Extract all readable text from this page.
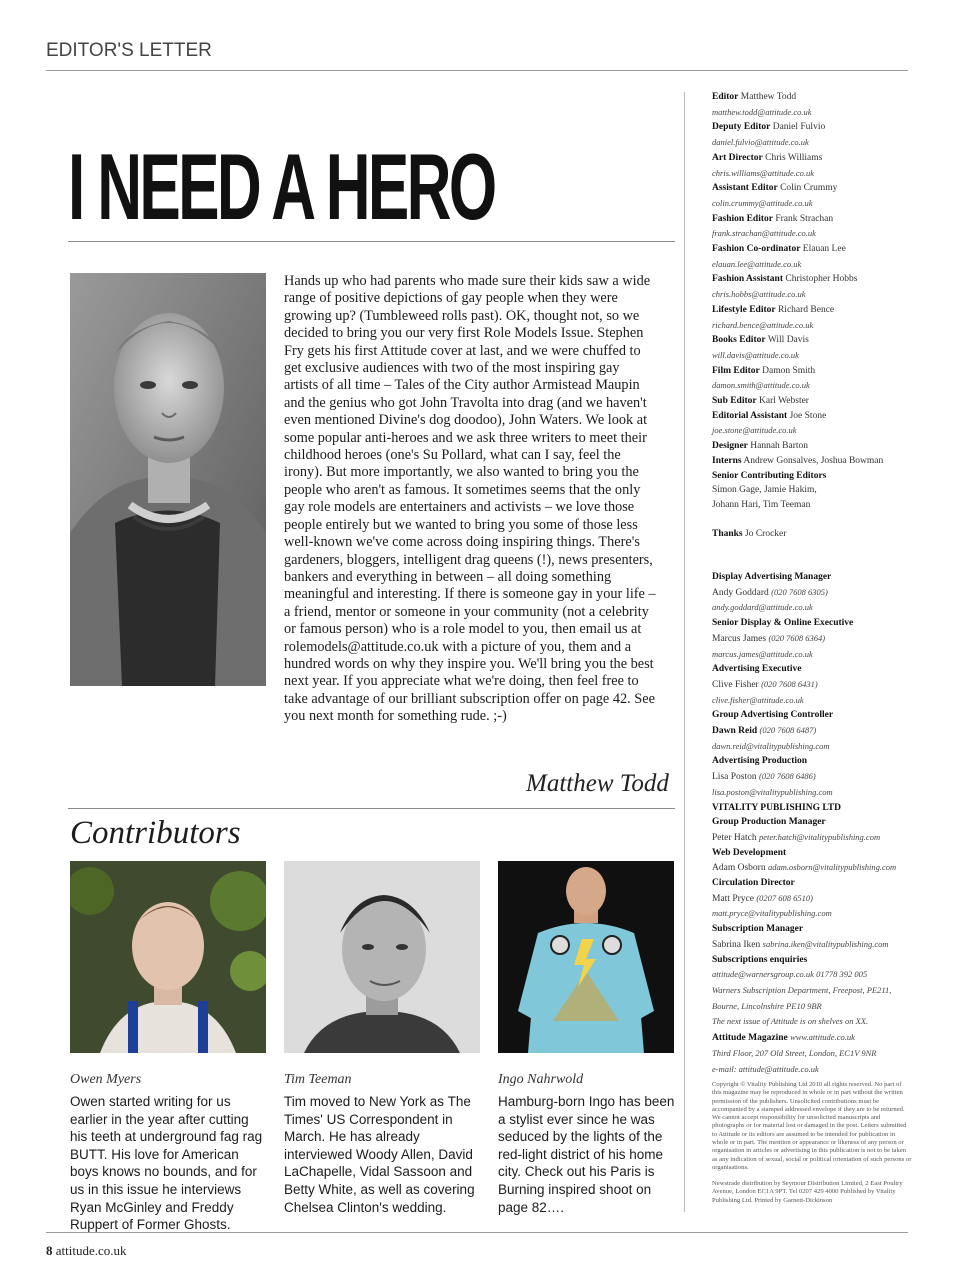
EDITOR'S LETTER
I NEED A HERO

Hands up who had parents who made sure their kids saw a wide range of positive depictions of gay people when they were growing up? (Tumbleweed rolls past). OK, thought not, so we decided to bring you our very first Role Models Issue. Stephen Fry gets his first Attitude cover at last, and we were chuffed to get exclusive audiences with two of the most inspiring gay artists of all time – Tales of the City author Armistead Maupin and the genius who got John Travolta into drag (and we haven't even mentioned Divine's dog doodoo), John Waters. We look at some popular anti-heroes and we ask three writers to meet their childhood heroes (one's Su Pollard, what can I say, feel the irony). But more importantly, we also wanted to bring you the people who aren't as famous. It sometimes seems that the only gay role models are entertainers and activists – we love those people entirely but we wanted to bring you some of those less well-known we've come across doing inspiring things. There's gardeners, bloggers, intelligent drag queens (!), news presenters, bankers and everything in between – all doing something meaningful and interesting. If there is someone gay in your life – a friend, mentor or someone in your community (not a celebrity or famous person) who is a role model to you, then email us at rolemodels@attitude.co.uk with a picture of you, them and a hundred words on why they inspire you. We'll bring you the best next year. If you appreciate what we're doing, then feel free to take advantage of our brilliant subscription offer on page 42. See you next month for something rude. ;-)

Matthew Todd
Contributors
Owen Myers	Tim Teeman	Ingo Nahrwold
Owen started writing for us earlier in the year after cutting his teeth at underground fag rag BUTT. His love for American boys knows no bounds, and for us in this issue he interviews Ryan McGinley and Freddy Ruppert of Former Ghosts.
Tim moved to New York as The Times' US Correspondent in March. He has already interviewed Woody Allen, David LaChapelle, Vidal Sassoon and Betty White, as well as covering Chelsea Clinton's wedding.
Hamburg-born Ingo has been a stylist ever since he was seduced by the lights of the red-light district of his home city. Check out his Paris is Burning inspired shoot on page 82….
Editor Matthew Todd
matthew.todd@attitude.co.uk
Deputy Editor Daniel Fulvio
daniel.fulvio@attitude.co.uk
Art Director Chris Williams
chris.williams@attitude.co.uk
Assistant Editor Colin Crummy
colin.crummy@attitude.co.uk
Fashion Editor Frank Strachan
frank.strachan@attitude.co.uk
Fashion Co-ordinator Elauan Lee
elauan.lee@attitude.co.uk
Fashion Assistant Christopher Hobbs
chris.hobbs@attitude.co.uk
Lifestyle Editor Richard Bence
richard.bence@attitude.co.uk
Books Editor Will Davis
will.davis@attitude.co.uk
Film Editor Damon Smith
damon.smith@attitude.co.uk
Sub Editor Karl Webster
Editorial Assistant Joe Stone
joe.stone@attitude.co.uk
Designer Hannah Barton
Interns Andrew Gonsalves, Joshua Bowman
Senior Contributing Editors
Simon Gage, Jamie Hakim,
Johann Hari, Tim Teeman

Thanks Jo Crocker
Display Advertising Manager
Andy Goddard (020 7608 6305)
andy.goddard@attitude.co.uk
Senior Display & Online Executive
Marcus James (020 7608 6364)
marcus.james@attitude.co.uk
Advertising Executive
Clive Fisher (020 7608 6431)
clive.fisher@attitude.co.uk
Group Advertising Controller
Dawn Reid (020 7608 6487)
dawn.reid@vitalitypublishing.com
Advertising Production
Lisa Poston (020 7608 6486)
lisa.poston@vitalitypublishing.com
VITALITY PUBLISHING LTD
Group Production Manager
Peter Hatch peter.hatch@vitalitypublishing.com
Web Development
Adam Osborn adam.osborn@vitalitypublishing.com
Circulation Director
Matt Pryce (0207 608 6510)
matt.pryce@vitalitypublishing.com
Subscription Manager
Sabrina Iken sabrina.iken@vitalitypublishing.com
Subscriptions enquiries
attitude@warnersgroup.co.uk 01778 392 005
Warners Subscription Department, Freepost, PE211,
Bourne, Lincolnshire PE10 9BR
The next issue of Attitude is on shelves on XX.
Attitude Magazine www.attitude.co.uk
Third Floor, 207 Old Street, London, EC1V 9NR
e-mail: attitude@attitude.co.uk
Copyright © Vitality Publishing Ltd 2010 all rights reserved. No part of this magazine may be reproduced in whole or in part without the written permission of the publishers. Unsolicited contributions must be accompanied by a stamped addressed envelope if they are to be returned. We cannot accept responsibility for unsolicited manuscripts and photographs or for material lost or damaged in the post. Letters submitted to Attitude or its editors are assumed to be intended for publication in whole or in part. The mention or appearance or likeness of any person or organisation in articles or advertising in this publication is not to be taken as any indication of sexual, social or political orientation of such persons or organisations.
Newstrade distribution by Seymour Distribution Limited, 2 East Poultry Avenue, London EC1A 9PT. Tel 0207 429 4000 Published by Vitality Publishing Ltd. Printed by Garnett-Dickinson
8 attitude.co.uk
